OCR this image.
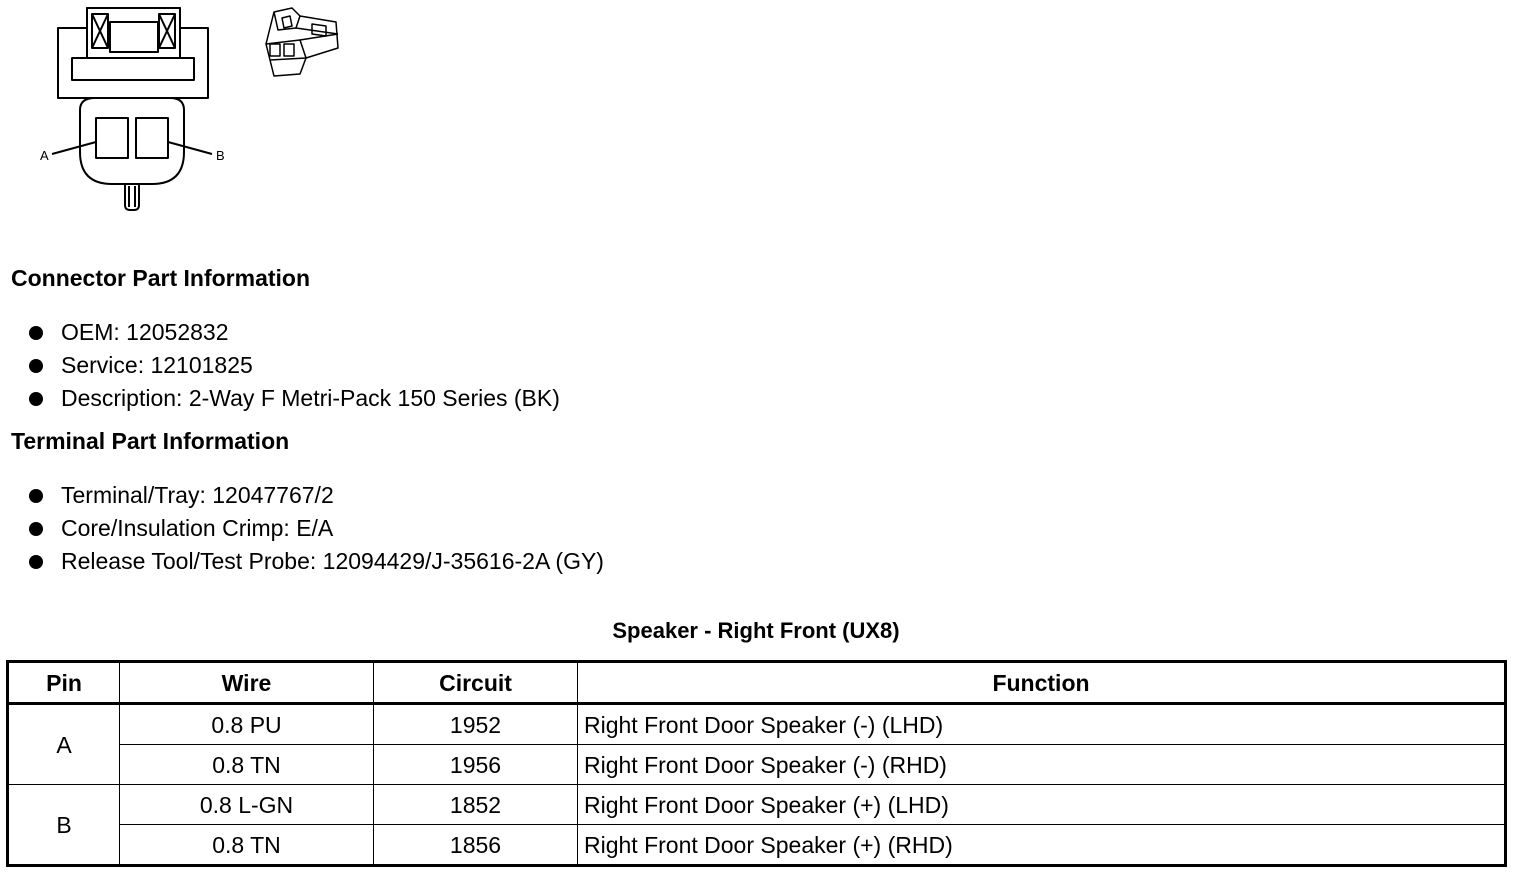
A	B
Connector Part Information
OEM: 12052832
Service: 12101825
Description: 2-Way F Metri-Pack 150 Series (BK)
Terminal Part Information
Terminal/Tray: 12047767/2
Core/Insulation Crimp: E/A
Release Tool/Test Probe: 12094429/J-35616-2A (GY)
Speaker - Right Front (UX8)
Pin	Wire	Circuit	Function
A	0.8 PU	1952	Right Front Door Speaker (-) (LHD)
	0.8 TN	1956	Right Front Door Speaker (-) (RHD)
B	0.8 L-GN	1852	Right Front Door Speaker (+) (LHD)
	0.8 TN	1856	Right Front Door Speaker (+) (RHD)
